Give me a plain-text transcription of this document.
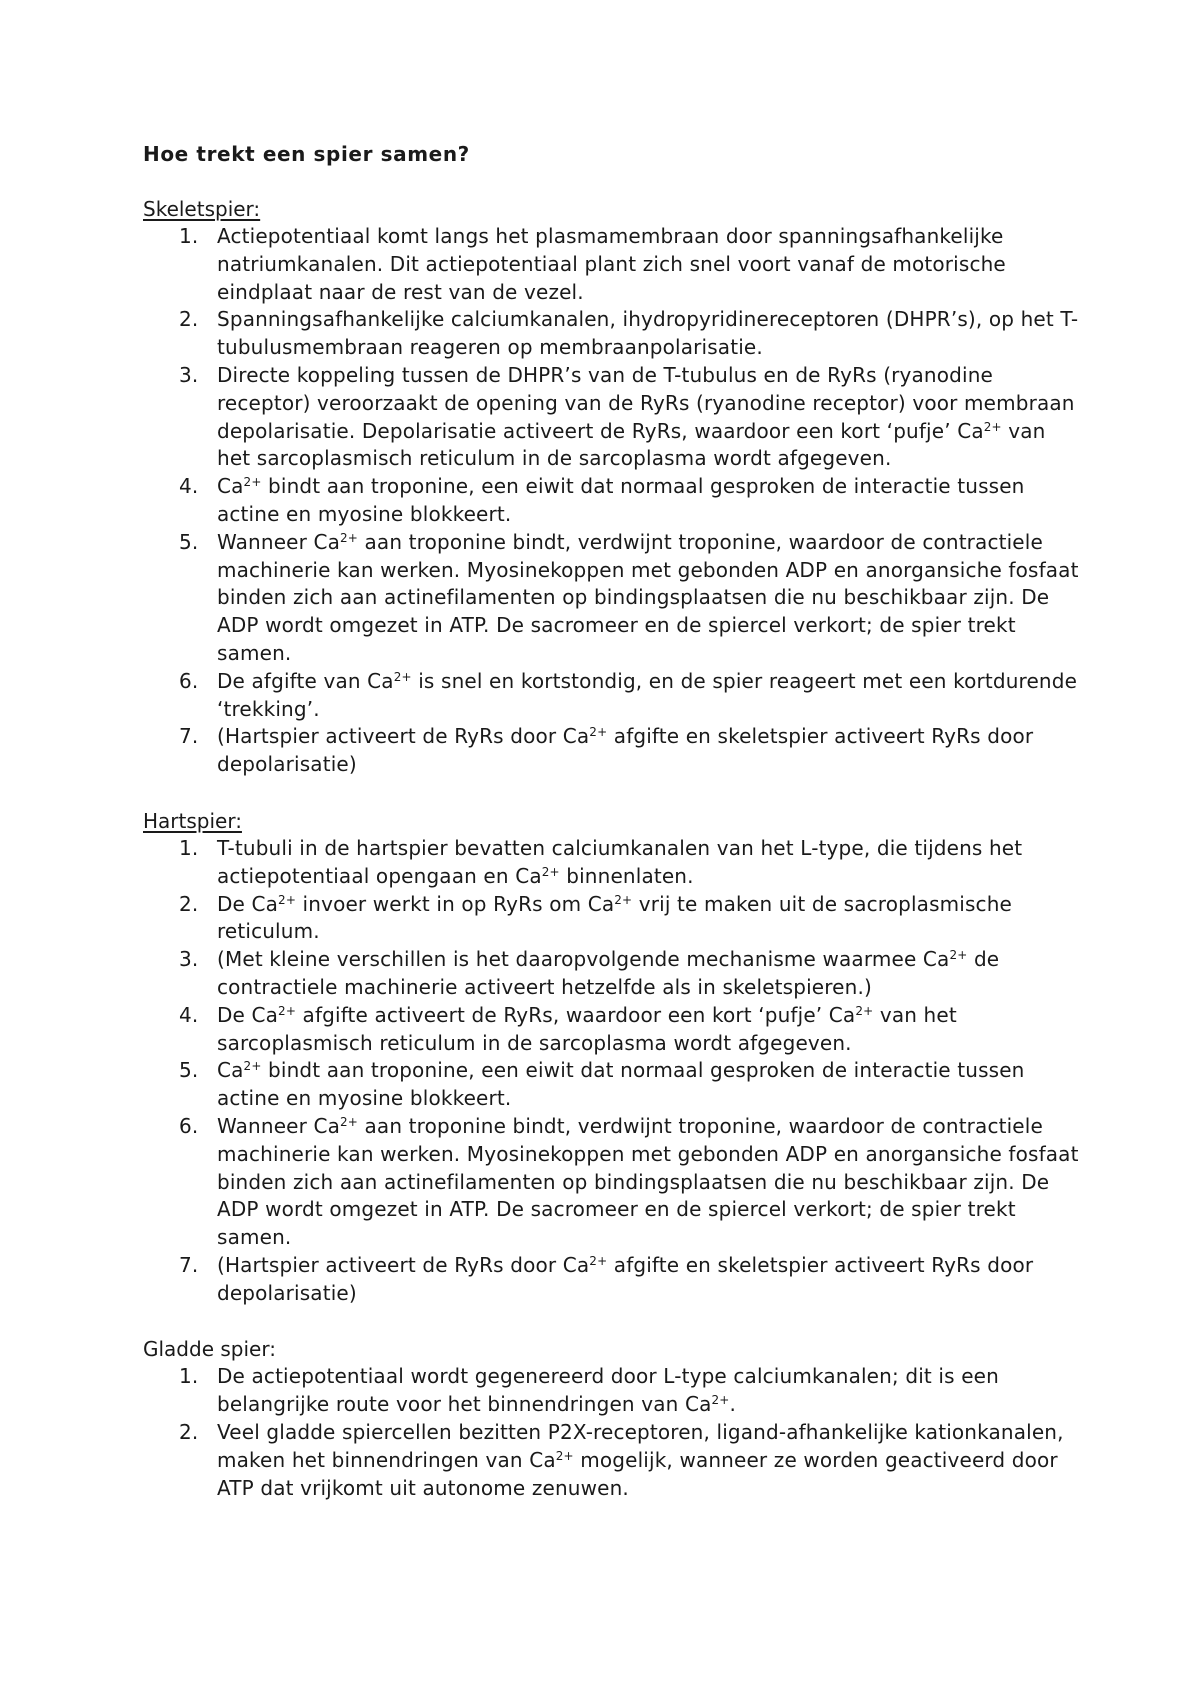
Hoe trekt een spier samen?
Skeletspier:
1. Actiepotentiaal komt langs het plasmamembraan door spanningsafhankelijke natriumkanalen. Dit actiepotentiaal plant zich snel voort vanaf de motorische eindplaat naar de rest van de vezel.
2. Spanningsafhankelijke calciumkanalen, ihydropyridinereceptoren (DHPR’s), op het T-tubulusmembraan reageren op membraanpolarisatie.
3. Directe koppeling tussen de DHPR’s van de T-tubulus en de RyRs (ryanodine receptor) veroorzaakt de opening van de RyRs (ryanodine receptor) voor membraan depolarisatie. Depolarisatie activeert de RyRs, waardoor een kort ‘pufje’ $Ca^{2+}$ van het sarcoplasmisch reticulum in de sarcoplasma wordt afgegeven.
4. $Ca^{2+}$ bindt aan troponine, een eiwit dat normaal gesproken de interactie tussen actine en myosine blokkeert.
5. Wanneer $Ca^{2+}$ aan troponine bindt, verdwijnt troponine, waardoor de contractiele machinerie kan werken. Myosinekoppen met gebonden ADP en anorgansiche fosfaat binden zich aan actinefilamenten op bindingsplaatsen die nu beschikbaar zijn. De ADP wordt omgezet in ATP. De sacromeer en de spiercel verkort; de spier trekt samen.
6. De afgifte van $Ca^{2+}$ is snel en kortstondig, en de spier reageert met een kortdurende ‘trekking’.
7. (Hartspier activeert de RyRs door $Ca^{2+}$ afgifte en skeletspier activeert RyRs door depolarisatie)
Hartspier:
1. T-tubuli in de hartspier bevatten calciumkanalen van het L-type, die tijdens het actiepotentiaal opengaan en $Ca^{2+}$ binnenlaten.
2. De $Ca^{2+}$ invoer werkt in op RyRs om $Ca^{2+}$ vrij te maken uit de sacroplasmische reticulum.
3. (Met kleine verschillen is het daaropvolgende mechanisme waarmee $Ca^{2+}$ de contractiele machinerie activeert hetzelfde als in skeletspieren.)
4. De $Ca^{2+}$ afgifte activeert de RyRs, waardoor een kort ‘pufje’ $Ca^{2+}$ van het sarcoplasmisch reticulum in de sarcoplasma wordt afgegeven.
5. $Ca^{2+}$ bindt aan troponine, een eiwit dat normaal gesproken de interactie tussen actine en myosine blokkeert.
6. Wanneer $Ca^{2+}$ aan troponine bindt, verdwijnt troponine, waardoor de contractiele machinerie kan werken. Myosinekoppen met gebonden ADP en anorgansiche fosfaat binden zich aan actinefilamenten op bindingsplaatsen die nu beschikbaar zijn. De ADP wordt omgezet in ATP. De sacromeer en de spiercel verkort; de spier trekt samen.
7. (Hartspier activeert de RyRs door $Ca^{2+}$ afgifte en skeletspier activeert RyRs door depolarisatie)
Gladde spier:
1. De actiepotentiaal wordt gegenereerd door L-type calciumkanalen; dit is een belangrijke route voor het binnendringen van $Ca^{2+}$.
2. Veel gladde spiercellen bezitten P2X-receptoren, ligand-afhankelijke kationkanalen, maken het binnendringen van $Ca^{2+}$ mogelijk, wanneer ze worden geactiveerd door ATP dat vrijkomt uit autonome zenuwen.
